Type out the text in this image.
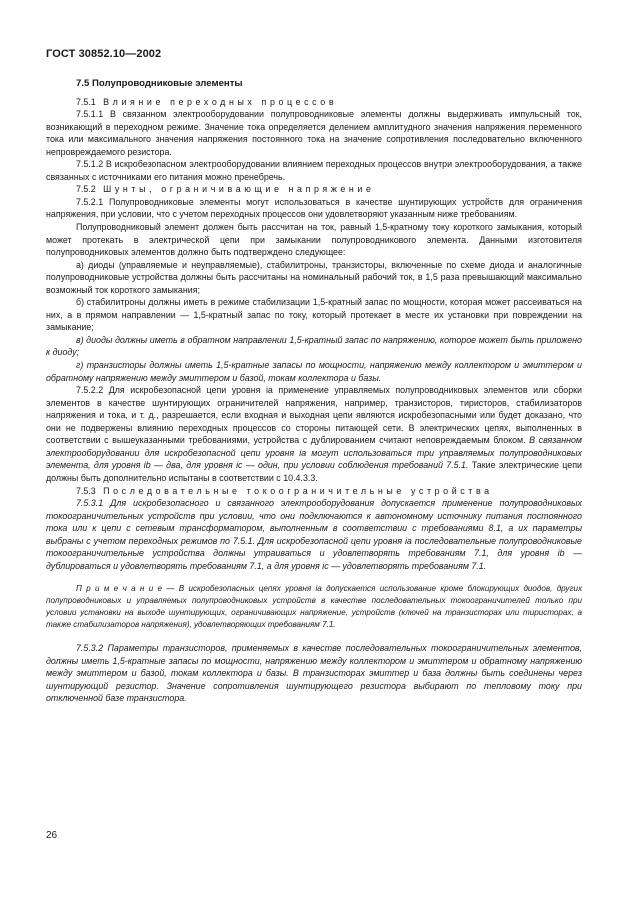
ГОСТ 30852.10—2002

7.5 Полупроводниковые элементы

7.5.1 Влияние переходных процессов

7.5.1.1 В связанном электрооборудовании полупроводниковые элементы должны выдерживать импульсный ток, возникающий в переходном режиме. Значение тока определяется делением амплитудного значения напряжения переменного тока или максимального значения напряжения постоянного тока на значение сопротивления последовательно включенного непровреждаемого резистора.

7.5.1.2 В искробезопасном электрооборудовании влиянием переходных процессов внутри электрооборудования, а также связанных с источниками его питания можно пренебречь.

7.5.2 Шунты, ограничивающие напряжение

7.5.2.1 Полупроводниковые элементы могут использоваться в качестве шунтирующих устройств для ограничения напряжения, при условии, что с учетом переходных процессов они удовлетворяют указанным ниже требованиям.

Полупроводниковый элемент должен быть рассчитан на ток, равный 1,5-кратному току короткого замыкания, который может протекать в электрической цепи при замыкании полупроводникового элемента. Данными изготовителя полупроводниковых элементов должно быть подтверждено следующее:

а) диоды (управляемые и неуправляемые), стабилитроны, транзисторы, включенные по схеме диода и аналогичные полупроводниковые устройства должны быть рассчитаны на номинальный рабочий ток, в 1,5 раза превышающий максимально возможный ток короткого замыкания;

б) стабилитроны должны иметь в режиме стабилизации 1,5-кратный запас по мощности, которая может рассеиваться на них, а в прямом направлении — 1,5-кратный запас по току, который протекает в месте их установки при повреждении на замыкание;

в) диоды должны иметь в обратном направлении 1,5-кратный запас по напряжению, которое может быть приложено к диоду;

г) транзисторы должны иметь 1,5-кратные запасы по мощности, напряжению между коллектором и эмиттером и обратному напряжению между эмиттером и базой, токам коллектора и базы.

7.5.2.2 Для искробезопасной цепи уровня ia применение управляемых полупроводниковых элементов или сборки элементов в качестве шунтирующих ограничителей напряжения, например, транзисторов, тиристоров, стабилизаторов напряжения и тока, и т. д., разрешается, если входная и выходная цепи являются искробезопасными или будет доказано, что они не подвержены влиянию переходных процессов со стороны питающей сети. В электрических цепях, выполненных в соответствии с вышеуказанными требованиями, устройства с дублированием считают неповреждаемым блоком. В связанном электрооборудовании для искробезопасной цепи уровня ia могут использоваться три управляемых полупроводниковых элемента, для уровня ib — два, для уровня ic — один, при условии соблюдения требований 7.5.1. Такие электрические цепи должны быть дополнительно испытаны в соответствии с 10.4.3.3.

7.5.3 Последовательные токоограничительные устройства

7.5.3.1 Для искробезопасного и связанного электрооборудования допускается применение полупроводниковых токоограничительных устройств при условии, что они подключаются к автономному источнику питания постоянного тока или к цепи с сетевым трансформатором, выполненным в соответствии с требованиями 8.1, а их параметры выбраны с учетом переходных режимов по 7.5.1. Для искробезопасной цепи уровня ia последовательные полупроводниковые токоограничительные устройства должны утраиваться и удовлетворять требованиям 7.1, для уровня ib — дублироваться и удовлетворять требованиям 7.1, а для уровня ic — удовлетворять требованиям 7.1.

П р и м е ч а н и е — В искробезопасных цепях уровня ia допускается использование кроме блокирующих диодов, других полупроводниковых и управляемых полупроводниковых устройств в качестве последовательных токоограничителей только при условии установки на выходе шунтирующих, ограничивающих напряжение, устройств (ключей на транзисторах или тиристорах, а также стабилизаторов напряжения), удовлетворяющих требованиям 7.1.

7.5.3.2 Параметры транзисторов, применяемых в качестве последовательных токоограничительных элементов, должны иметь 1,5-кратные запасы по мощности, напряжению между коллектором и эмиттером и обратному напряжению между эмиттером и базой, токам коллектора и базы. В транзисторах эмиттер и база должны быть соединены через шунтирующий резистор. Значение сопротивления шунтирующего резистора выбирают по тепловому току при отключенной базе транзистора.

26
